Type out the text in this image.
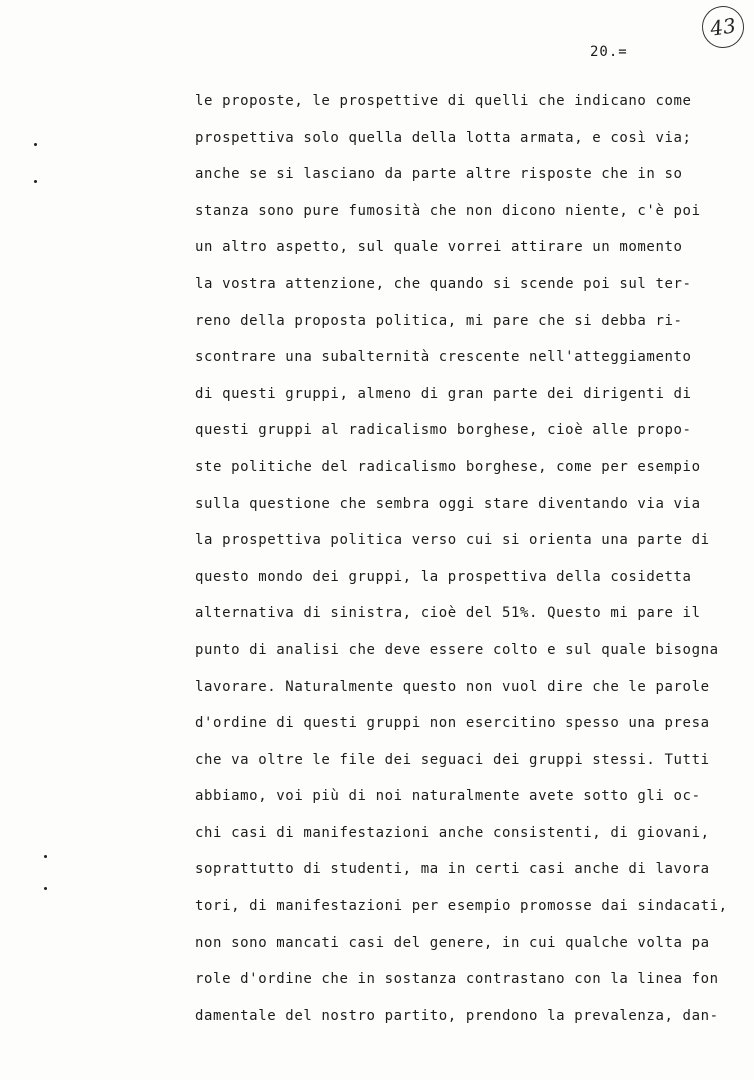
43
20.=
le proposte, le prospettive di quelli che indicano come
prospettiva solo quella della lotta armata, e così via;
anche se si lasciano da parte altre risposte che in so
stanza sono pure fumosità che non dicono niente, c'è poi
un altro aspetto, sul quale vorrei attirare un momento
la vostra attenzione, che quando si scende poi sul ter-
reno della proposta politica, mi pare che si debba ri-
scontrare una subalternità crescente nell'atteggiamento
di questi gruppi, almeno di gran parte dei dirigenti di
questi gruppi al radicalismo borghese, cioè alle propo-
ste politiche del radicalismo borghese, come per esempio
sulla questione che sembra oggi stare diventando via via
la prospettiva politica verso cui si orienta una parte di
questo mondo dei gruppi, la prospettiva della cosidetta
alternativa di sinistra, cioè del 51%. Questo mi pare il
punto di analisi che deve essere colto e sul quale bisogna
lavorare. Naturalmente questo non vuol dire che le parole
d'ordine di questi gruppi non esercitino spesso una presa
che va oltre le file dei seguaci dei gruppi stessi. Tutti
abbiamo, voi più di noi naturalmente avete sotto gli oc-
chi casi di manifestazioni anche consistenti, di giovani,
soprattutto di studenti, ma in certi casi anche di lavora
tori, di manifestazioni per esempio promosse dai sindacati,
non sono mancati casi del genere, in cui qualche volta pa
role d'ordine che in sostanza contrastano con la linea fon
damentale del nostro partito, prendono la prevalenza, dan-
